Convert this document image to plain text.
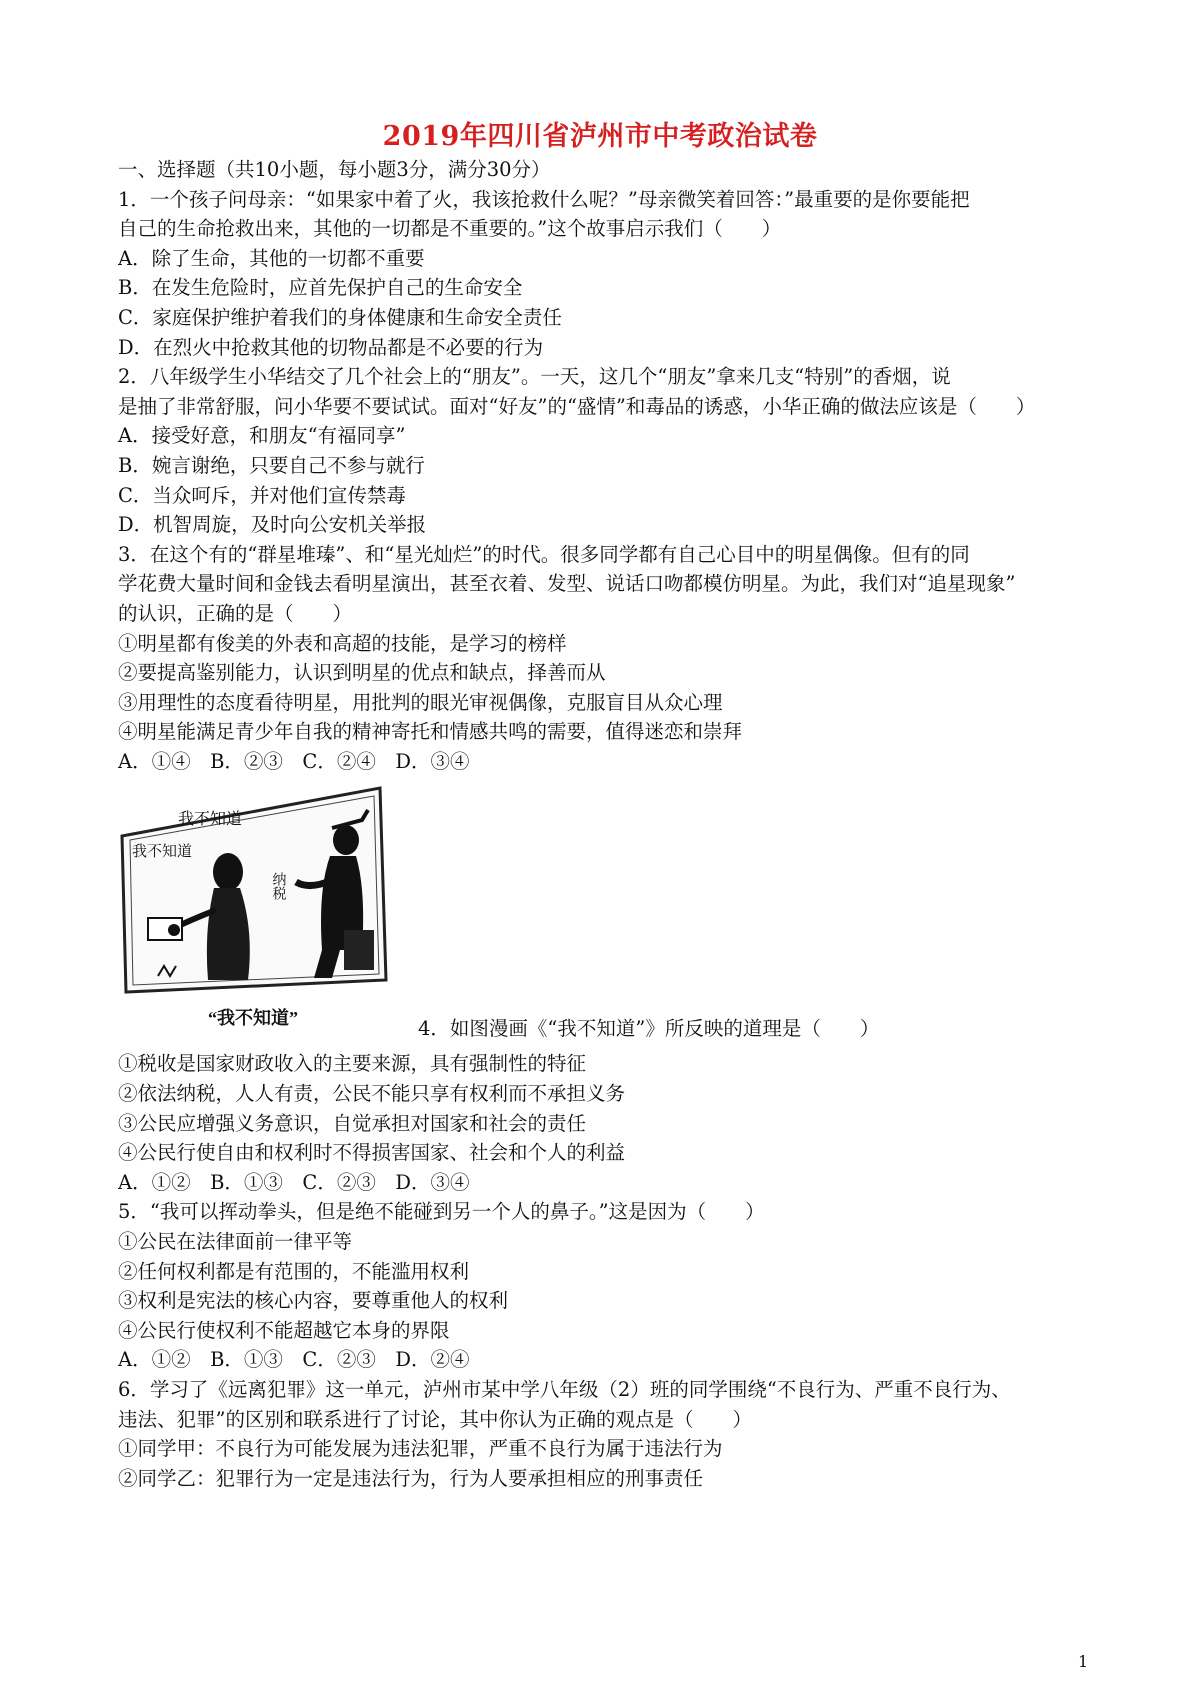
2019年四川省泸州市中考政治试卷
一、选择题（共10小题，每小题3分，满分30分）
1．一个孩子问母亲：“如果家中着了火，我该抢救什么呢？”母亲微笑着回答：”最重要的是你要能把
自己的生命抢救出来，其他的一切都是不重要的。”这个故事启示我们（　　）
A．除了生命，其他的一切都不重要
B．在发生危险时，应首先保护自己的生命安全
C．家庭保护维护着我们的身体健康和生命安全责任
D．在烈火中抢救其他的切物品都是不必要的行为
2．八年级学生小华结交了几个社会上的“朋友”。一天，这几个“朋友”拿来几支“特别”的香烟，说
是抽了非常舒服，问小华要不要试试。面对“好友”的“盛情”和毒品的诱惑，小华正确的做法应该是（　　）
A．接受好意，和朋友“有福同享”
B．婉言谢绝，只要自己不参与就行
C．当众呵斥，并对他们宣传禁毒
D．机智周旋，及时向公安机关举报
3．在这个有的“群星堆瑧”、和“星光灿烂”的时代。很多同学都有自己心目中的明星偶像。但有的同
学花费大量时间和金钱去看明星演出，甚至衣着、发型、说话口吻都模仿明星。为此，我们对“追星现象”
的认识，正确的是（　　）
①明星都有俊美的外表和高超的技能，是学习的榜样
②要提高鉴别能力，认识到明星的优点和缺点，择善而从
③用理性的态度看待明星，用批判的眼光审视偶像，克服盲目从众心理
④明星能满足青少年自我的精神寄托和情感共鸣的需要，值得迷恋和崇拜
A．①④　B．②③　C．②④　D．③④
我不知道
我不知道
纳税
“我不知道”	4．如图漫画《“我不知道”》所反映的道理是（　　）
①税收是国家财政收入的主要来源，具有强制性的特征
②依法纳税，人人有责，公民不能只享有权利而不承担义务
③公民应增强义务意识，自觉承担对国家和社会的责任
④公民行使自由和权利时不得损害国家、社会和个人的利益
A．①②　B．①③　C．②③　D．③④
5．“我可以挥动拳头，但是绝不能碰到另一个人的鼻子。”这是因为（　　）
①公民在法律面前一律平等
②任何权利都是有范围的，不能滥用权利
③权利是宪法的核心内容，要尊重他人的权利
④公民行使权利不能超越它本身的界限
A．①②　B．①③　C．②③　D．②④
6．学习了《远离犯罪》这一单元，泸州市某中学八年级（2）班的同学围绕“不良行为、严重不良行为、
违法、犯罪”的区别和联系进行了讨论，其中你认为正确的观点是（　　）
①同学甲：不良行为可能发展为违法犯罪，严重不良行为属于违法行为
②同学乙：犯罪行为一定是违法行为，行为人要承担相应的刑事责任
1
